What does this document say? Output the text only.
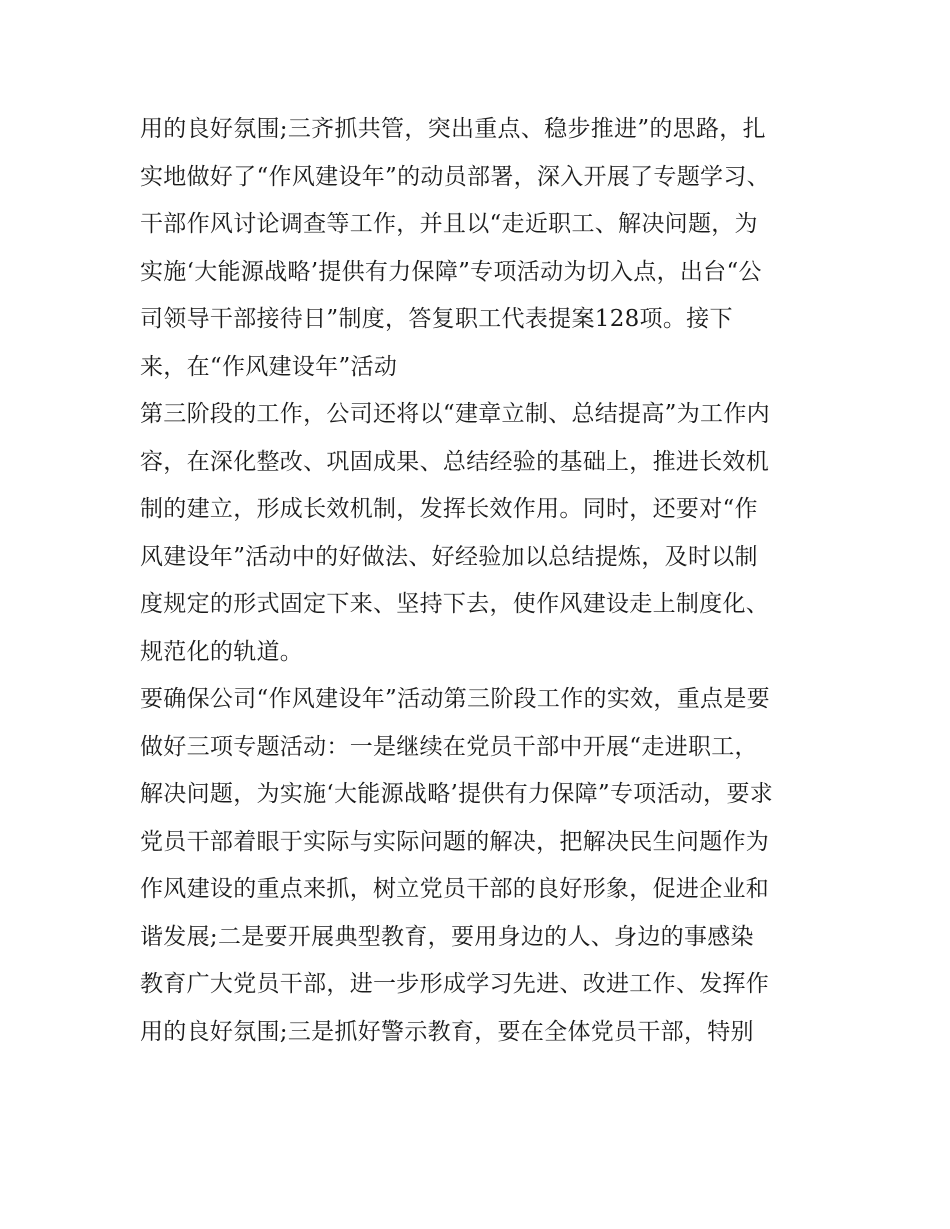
用的良好氛围;三齐抓共管，突出重点、稳步推进”的思路，扎
实地做好了“作风建设年”的动员部署，深入开展了专题学习、
干部作风讨论调查等工作，并且以“走近职工、解决问题，为
实施‘大能源战略’提供有力保障”专项活动为切入点，出台“公
司领导干部接待日”制度，答复职工代表提案128项。接下
来，在“作风建设年”活动
第三阶段的工作，公司还将以“建章立制、总结提高”为工作内
容，在深化整改、巩固成果、总结经验的基础上，推进长效机
制的建立，形成长效机制，发挥长效作用。同时，还要对“作
风建设年”活动中的好做法、好经验加以总结提炼，及时以制
度规定的形式固定下来、坚持下去，使作风建设走上制度化、
规范化的轨道。
要确保公司“作风建设年”活动第三阶段工作的实效，重点是要
做好三项专题活动：一是继续在党员干部中开展“走进职工，
解决问题，为实施‘大能源战略’提供有力保障”专项活动，要求
党员干部着眼于实际与实际问题的解决，把解决民生问题作为
作风建设的重点来抓，树立党员干部的良好形象，促进企业和
谐发展;二是要开展典型教育，要用身边的人、身边的事感染
教育广大党员干部，进一步形成学习先进、改进工作、发挥作
用的良好氛围;三是抓好警示教育，要在全体党员干部，特别
